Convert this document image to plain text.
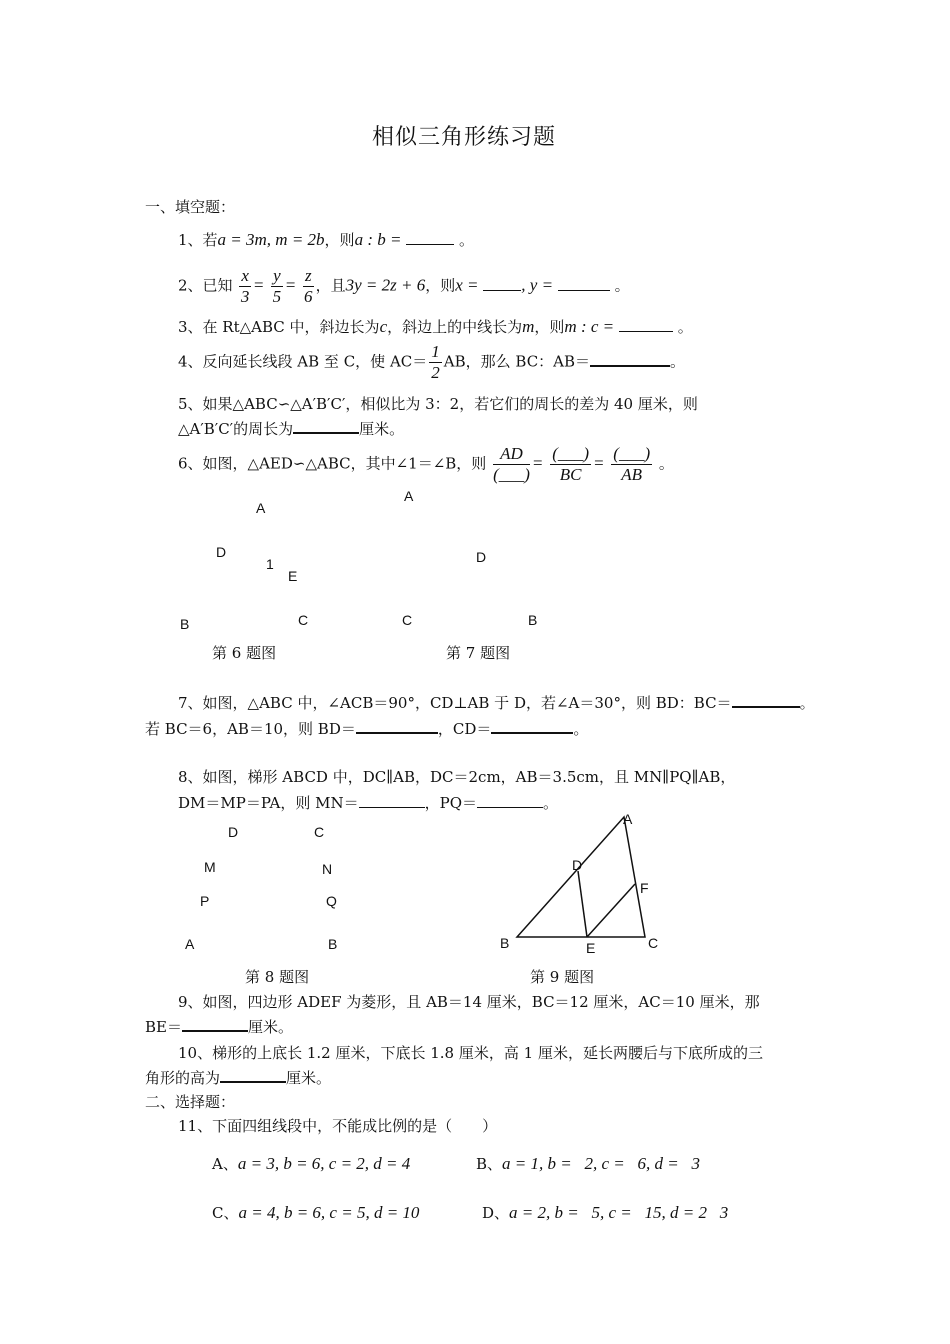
相似三角形练习题
一、填空题：
1、若a = 3m, m = 2b，则a : b =	。
2、已知 $\frac{x}{3} = \frac{y}{5} = \frac{z}{6}$ ，且3y = 2z + 6，则x =	, y =	。
3、在 Rt△ABC 中，斜边长为c，斜边上的中线长为m，则m : c =	。
4、反向延长线段 AB 至 C，使 $AC= \frac{1}{2}$ AB，那么 BC：AB＝	。
5、如果△ABC∽△A′B′C′，相似比为 3：2，若它们的周长的差为 40 厘米，则
△A′B′C′的周长为	厘米。
6、如图，△AED∽△ABC，其中∠1＝∠B，则 $\frac{AD}{(\_\_\_)} = \frac{(\_\_\_)}{BC} = \frac{(\_\_\_)}{AB}$ 。
A
D
1
E
B	C
第 6 题图
A
D
C	B
第 7 题图
7、如图，△ABC 中，∠ACB＝90°，CD⊥AB 于 D，若∠A＝30°，则 BD：BC＝	。
若 BC＝6，AB＝10，则 BD＝	，CD＝	。
8、如图，梯形 ABCD 中，DC∥AB，DC＝2cm，AB＝3.5cm，且 MN∥PQ∥AB，
DM＝MP＝PA，则 MN＝	，PQ＝	。
D	C
M	N
P	Q
A	B
第 8 题图
A
D
F
B	E	C
第 9 题图
9、如图，四边形 ADEF 为菱形，且 AB＝14 厘米，BC＝12 厘米，AC＝10 厘米，那
BE＝	厘米。
10、梯形的上底长 1.2 厘米，下底长 1.8 厘米，高 1 厘米，延长两腰后与下底所成的三
角形的高为	厘米。
二、选择题：
11、下面四组线段中，不能成比例的是（　　）
A、a = 3, b = 6, c = 2, d = 4	B、a = 1, b =   2, c =   6, d =   3
C、a = 4, b = 6, c = 5, d = 10	D、a = 2, b =   5, c =   15, d = 2   3
